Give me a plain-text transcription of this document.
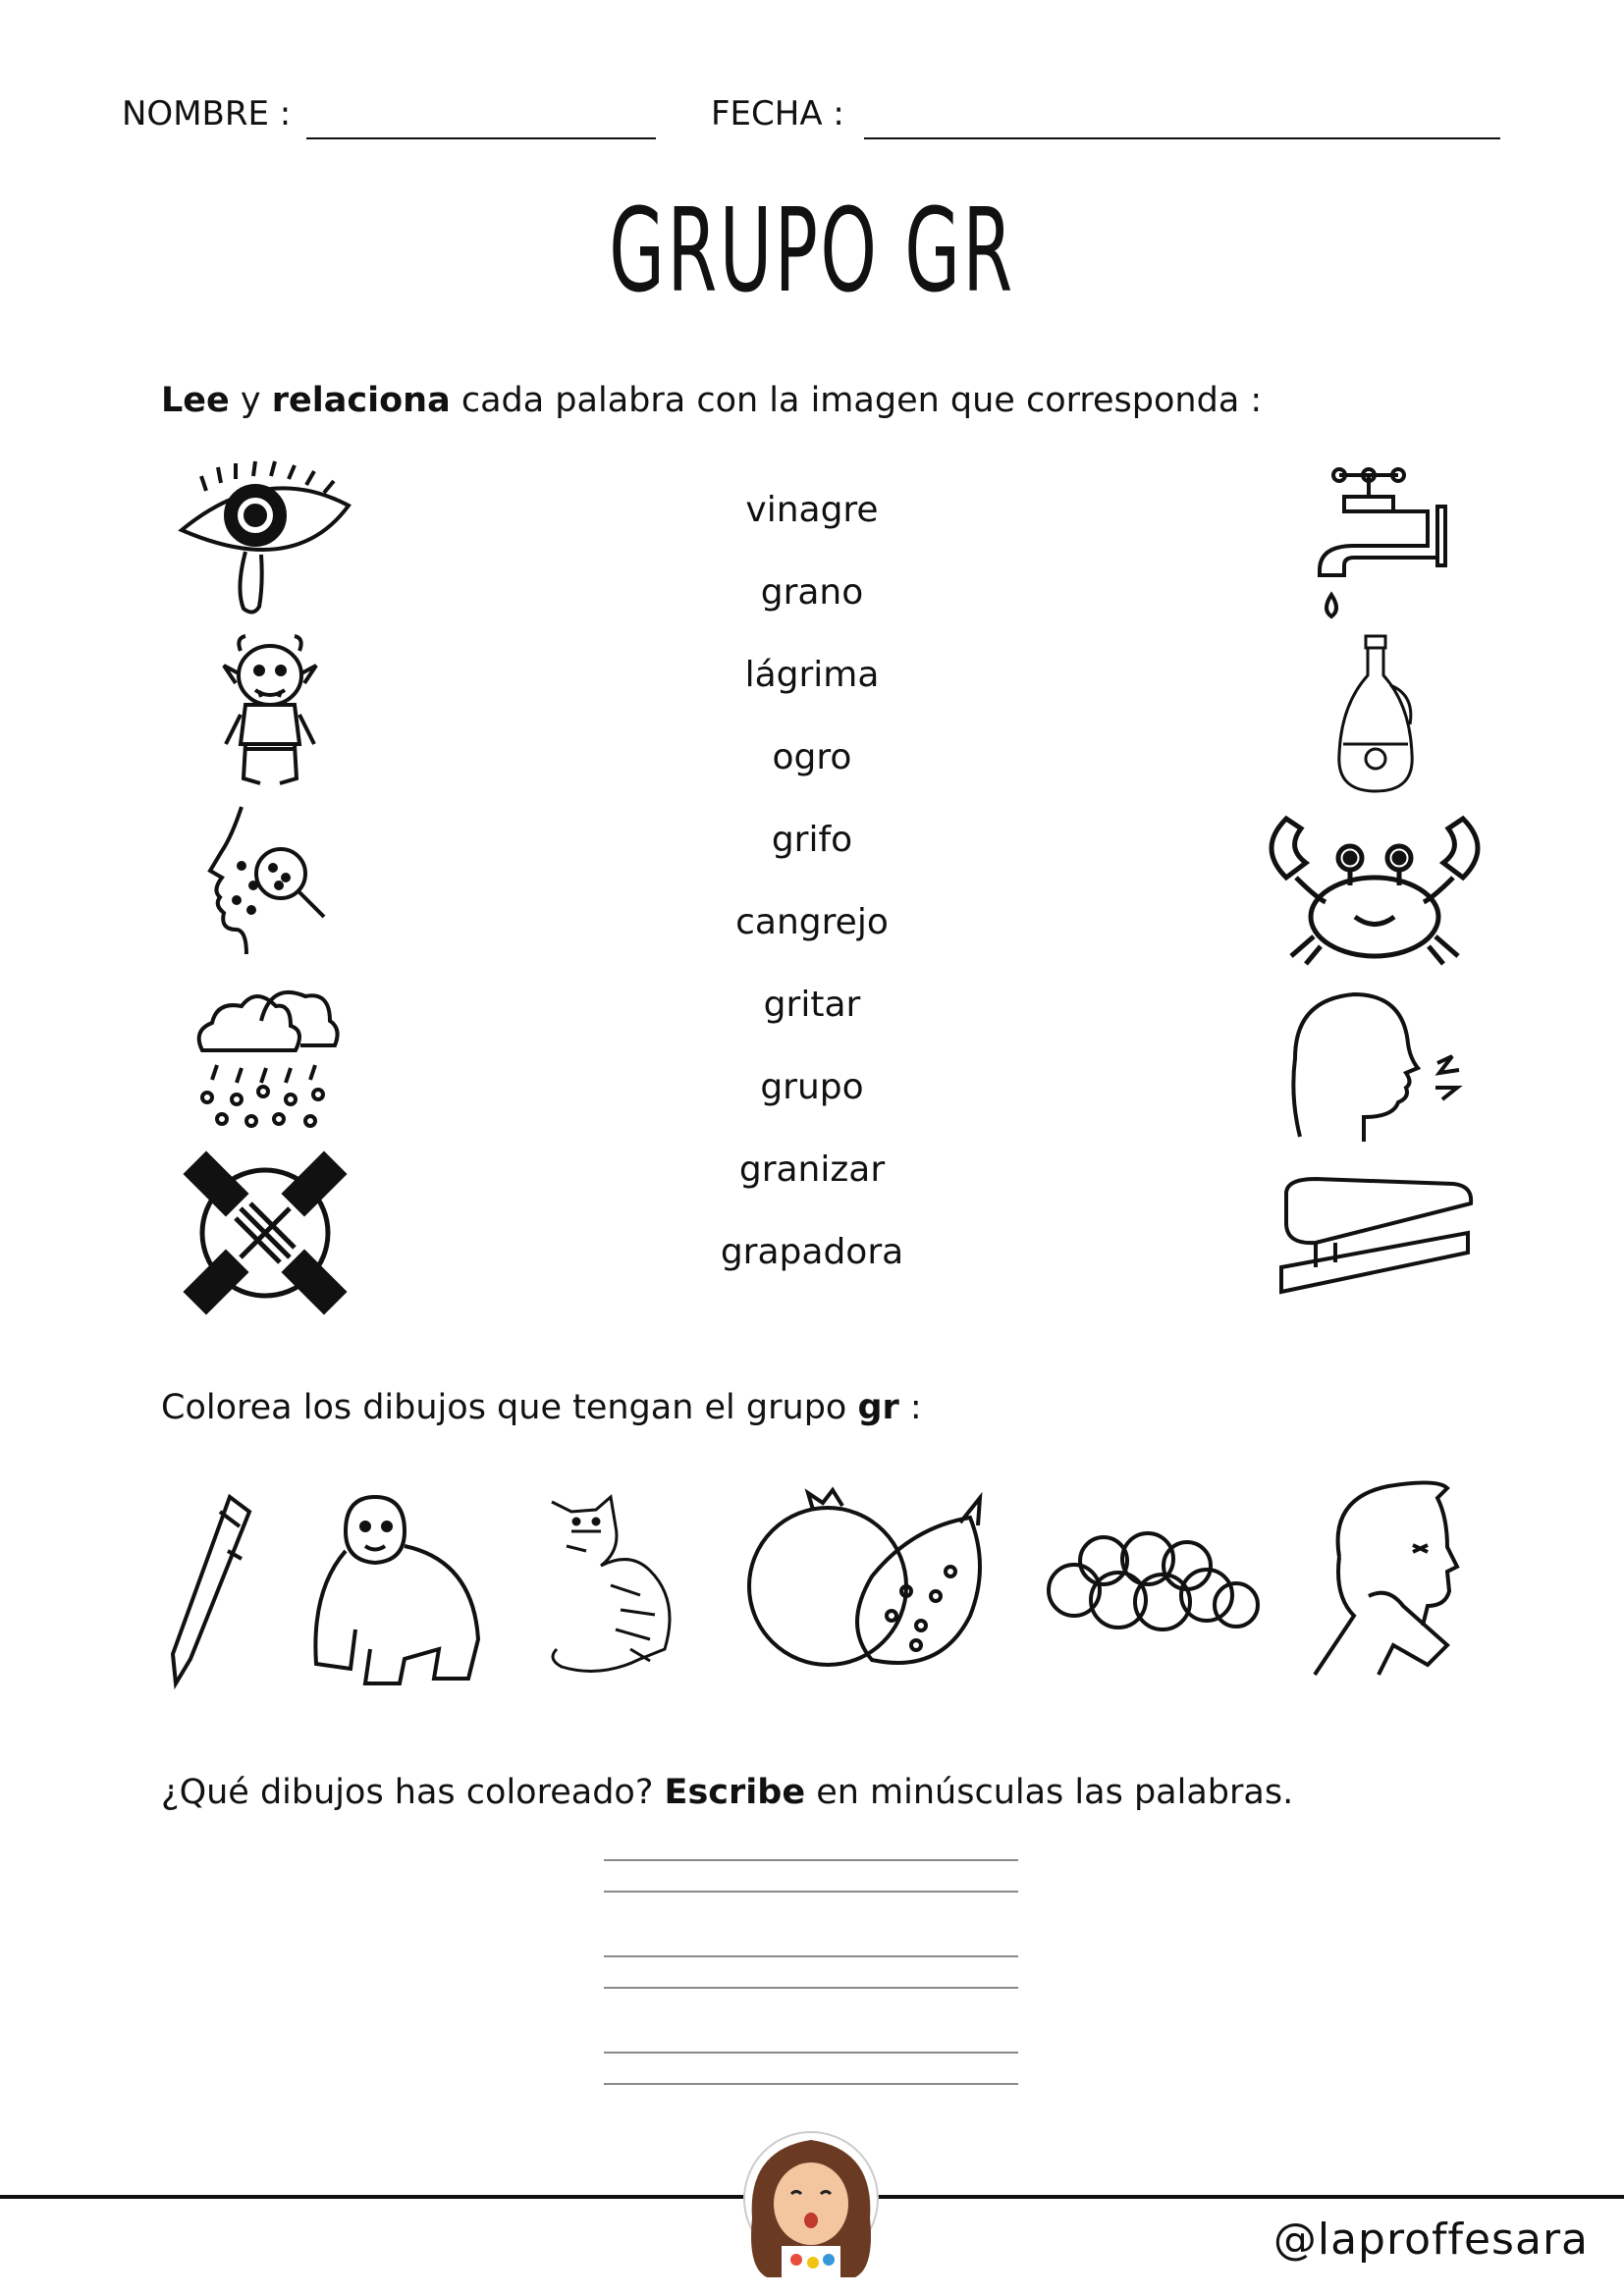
NOMBRE :	FECHA :
GRUPO GR
Lee y relaciona cada palabra con la imagen que corresponda :
vinagre
grano
lágrima
ogro
grifo
cangrejo
gritar
grupo
granizar
grapadora
Colorea los dibujos que tengan el grupo gr :
¿Qué dibujos has coloreado? Escribe en minúsculas las palabras.
@laproffesara
